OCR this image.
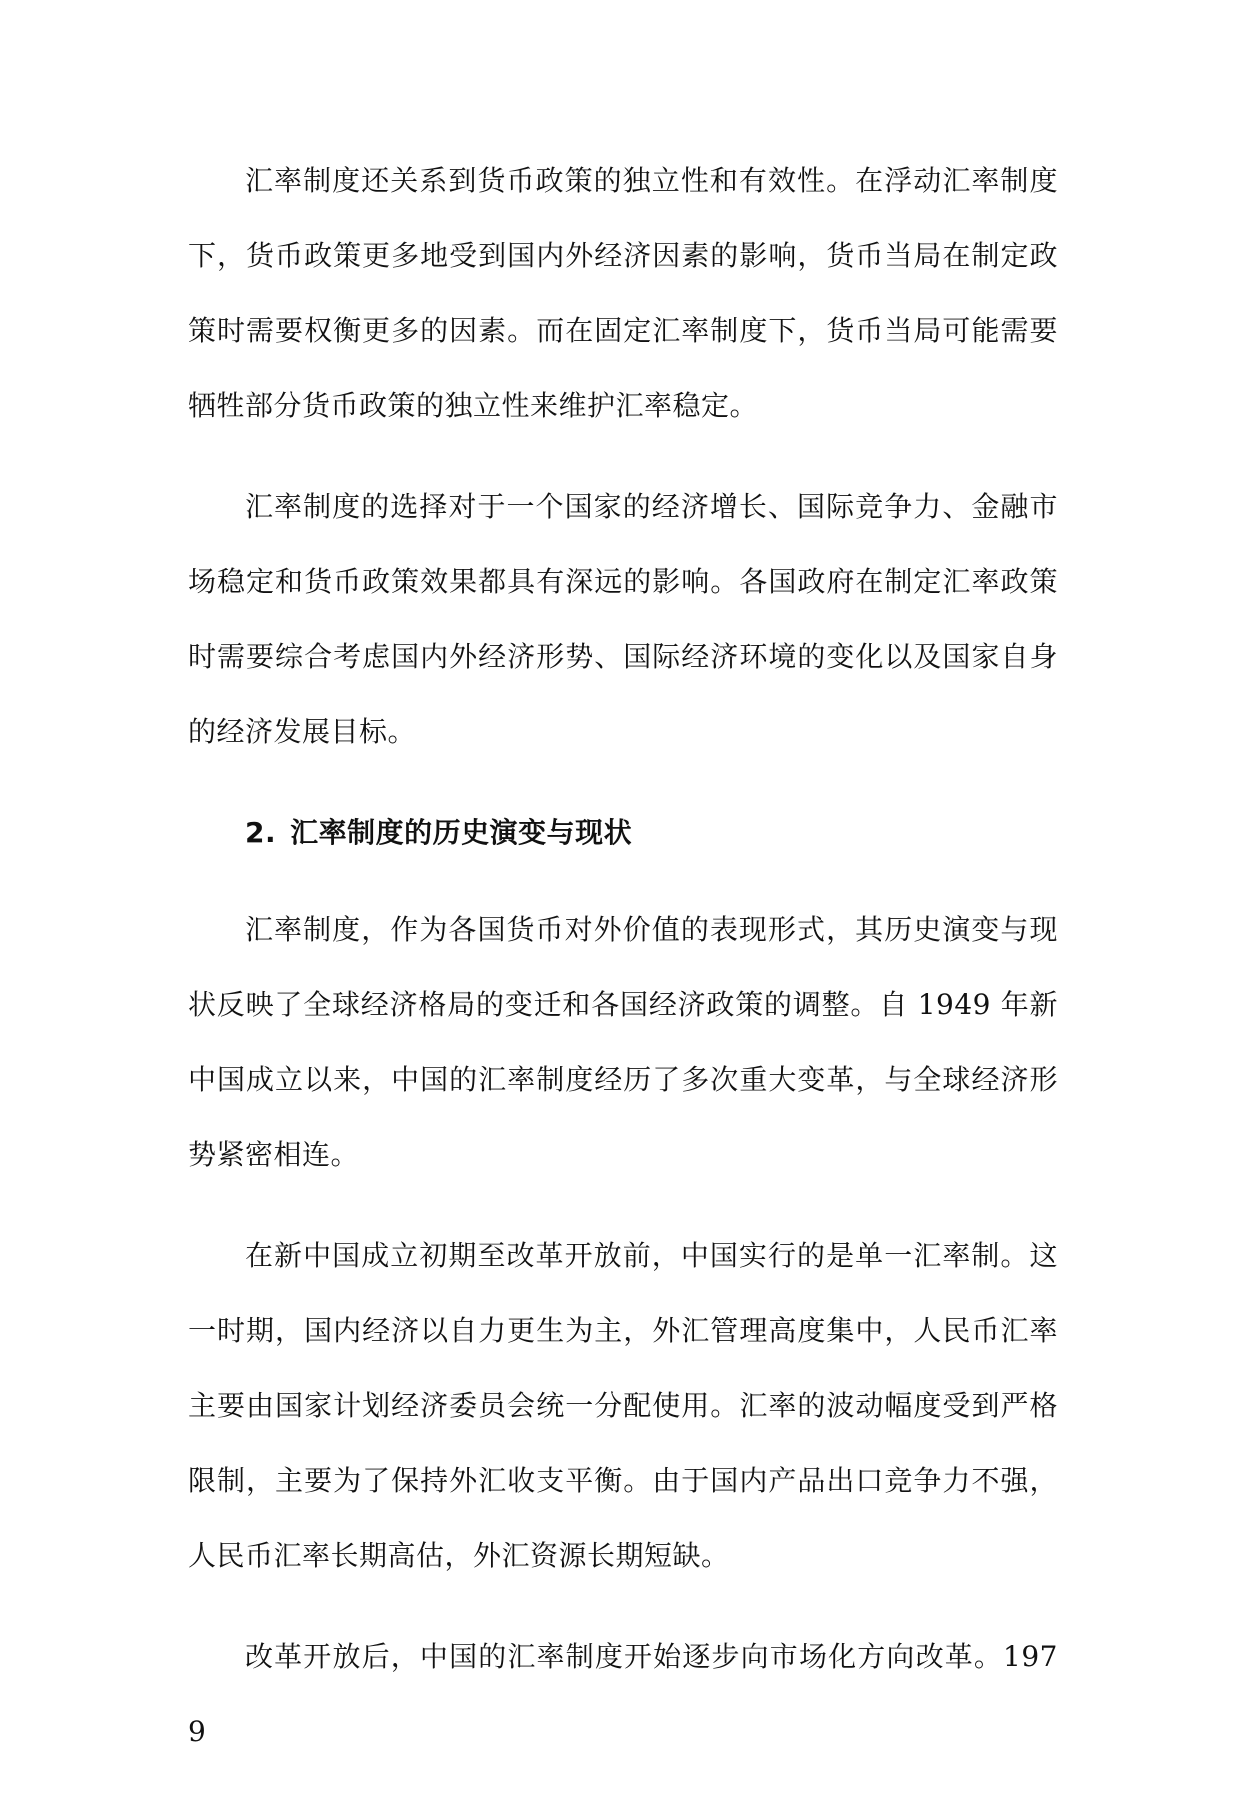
汇率制度还关系到货币政策的独立性和有效性。在浮动汇率制度下，货币政策更多地受到国内外经济因素的影响，货币当局在制定政策时需要权衡更多的因素。而在固定汇率制度下，货币当局可能需要牺牲部分货币政策的独立性来维护汇率稳定。

汇率制度的选择对于一个国家的经济增长、国际竞争力、金融市场稳定和货币政策效果都具有深远的影响。各国政府在制定汇率政策时需要综合考虑国内外经济形势、国际经济环境的变化以及国家自身的经济发展目标。

2. 汇率制度的历史演变与现状

汇率制度，作为各国货币对外价值的表现形式，其历史演变与现状反映了全球经济格局的变迁和各国经济政策的调整。自 1949 年新中国成立以来，中国的汇率制度经历了多次重大变革，与全球经济形势紧密相连。

在新中国成立初期至改革开放前，中国实行的是单一汇率制。这一时期，国内经济以自力更生为主，外汇管理高度集中，人民币汇率主要由国家计划经济委员会统一分配使用。汇率的波动幅度受到严格限制，主要为了保持外汇收支平衡。由于国内产品出口竞争力不强，人民币汇率长期高估，外汇资源长期短缺。

改革开放后，中国的汇率制度开始逐步向市场化方向改革。1979
